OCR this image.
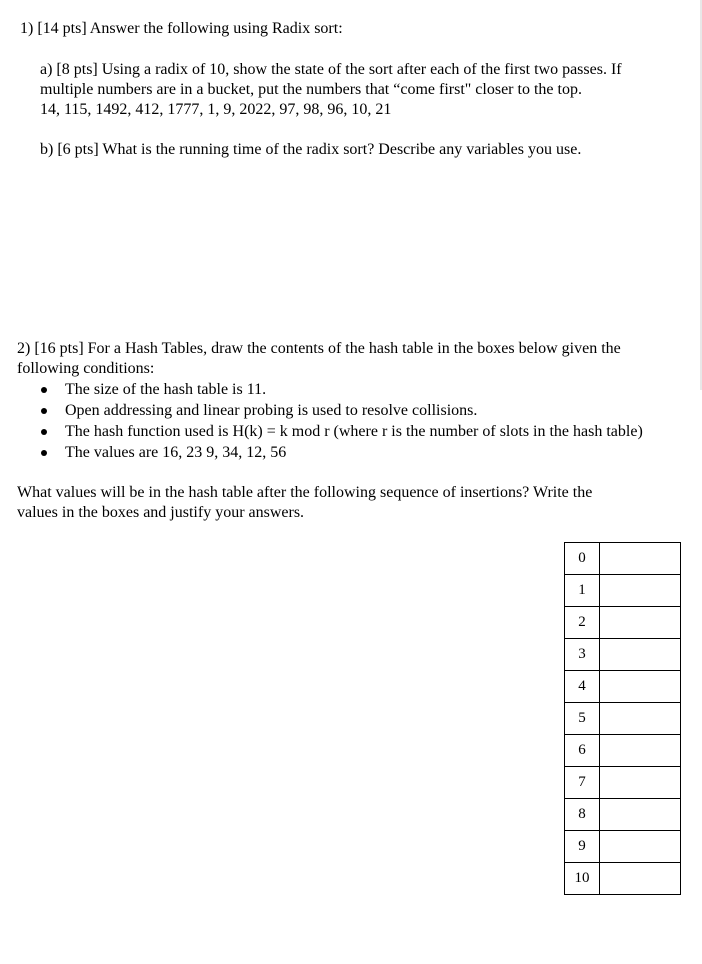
1) [14 pts] Answer the following using Radix sort:
a) [8 pts] Using a radix of 10, show the state of the sort after each of the first two passes. If
multiple numbers are in a bucket, put the numbers that “come first" closer to the top.
14, 115, 1492, 412, 1777, 1, 9, 2022, 97, 98, 96, 10, 21
b) [6 pts] What is the running time of the radix sort? Describe any variables you use.
2) [16 pts] For a Hash Tables, draw the contents of the hash table in the boxes below given the
following conditions:
The size of the hash table is 11.
Open addressing and linear probing is used to resolve collisions.
The hash function used is H(k) = k mod r (where r is the number of slots in the hash table)
The values are 16, 23 9, 34, 12, 56
What values will be in the hash table after the following sequence of insertions? Write the
values in the boxes and justify your answers.
0	
1	
2	
3	
4	
5	
6	
7	
8	
9	
10	
